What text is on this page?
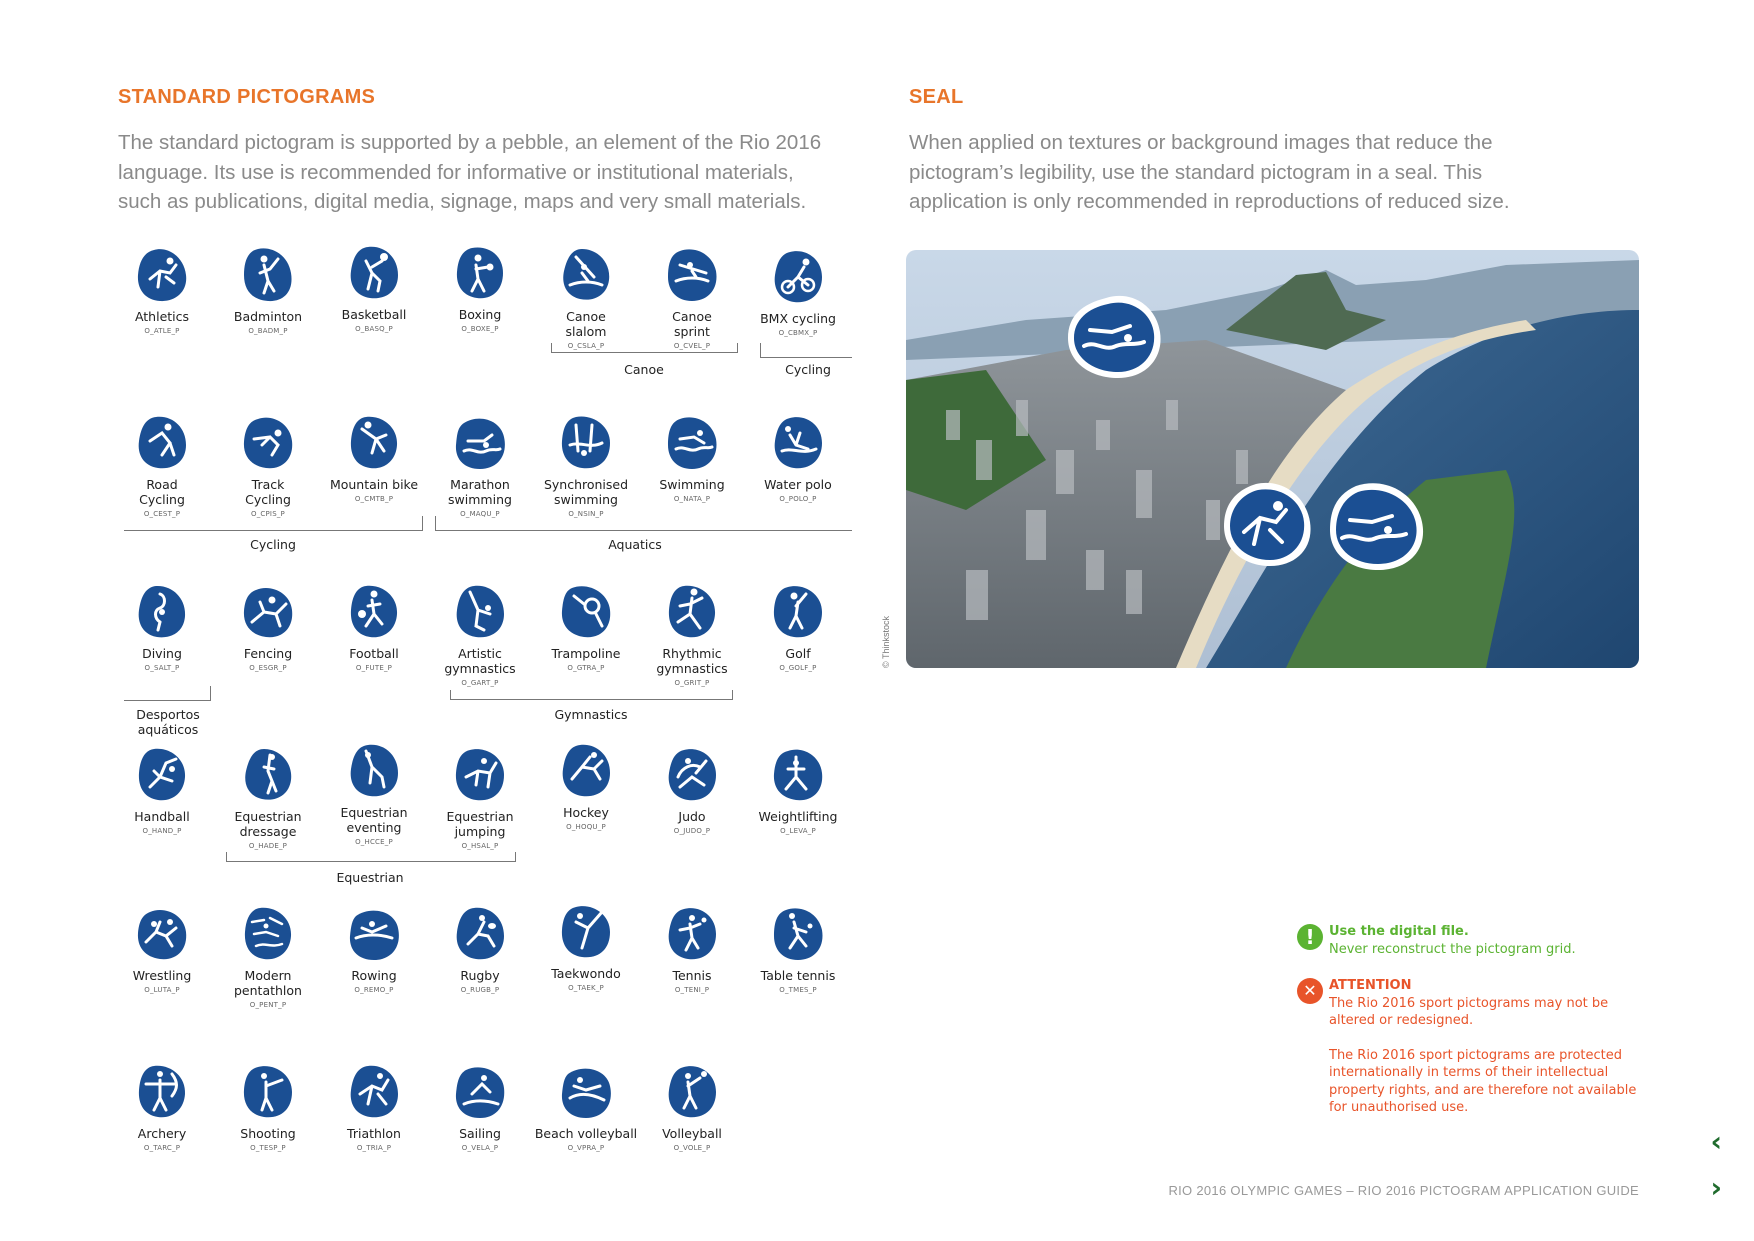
STANDARD PICTOGRAMS
The standard pictogram is supported by a pebble, an element of the Rio 2016 language. Its use is recommended for informative or institutional materials, such as publications, digital media, signage, maps and very small materials.
SEAL
When applied on textures or background images that reduce the pictogram’s legibility, use the standard pictogram in a seal. This application is only recommended in reproductions of reduced size.
Athletics
O_ATLE_P
Badminton
O_BADM_P
Basketball
O_BASQ_P
Boxing
O_BOXE_P
Canoe
slalom
O_CSLA_P
Canoe
sprint
O_CVEL_P
BMX cycling
O_CBMX_P
Road
Cycling
O_CEST_P
Track
Cycling
O_CPIS_P
Mountain bike
O_CMTB_P
Marathon
swimming
O_MAQU_P
Synchronised
swimming
O_NSIN_P
Swimming
O_NATA_P
Water polo
O_POLO_P
Diving
O_SALT_P
Fencing
O_ESGR_P
Football
O_FUTE_P
Artistic
gymnastics
O_GART_P
Trampoline
O_GTRA_P
Rhythmic
gymnastics
O_GRIT_P
Golf
O_GOLF_P
Handball
O_HAND_P
Equestrian
dressage
O_HADE_P
Equestrian
eventing
O_HCCE_P
Equestrian
jumping
O_HSAL_P
Hockey
O_HOQU_P
Judo
O_JUDO_P
Weightlifting
O_LEVA_P
Wrestling
O_LUTA_P
Modern
pentathlon
O_PENT_P
Rowing
O_REMO_P
Rugby
O_RUGB_P
Taekwondo
O_TAEK_P
Tennis
O_TENI_P
Table tennis
O_TMES_P
Archery
O_TARC_P
Shooting
O_TESP_P
Triathlon
O_TRIA_P
Sailing
O_VELA_P
Beach volleyball
O_VPRA_P
Volleyball
O_VOLE_P
Canoe	Cycling
Cycling	Aquatics
Desportos
aquáticos
Gymnastics
Equestrian
© Thinkstock
!	Use the digital file.
Never reconstruct the pictogram grid.
✕ ATTENTION
The Rio 2016 sport pictograms may not be altered or redesigned.
The Rio 2016 sport pictograms are protected internationally in terms of their intellectual property rights, and are therefore not available for unauthorised use.
RIO 2016 OLYMPIC GAMES – RIO 2016 PICTOGRAM APPLICATION GUIDE
‹
›
